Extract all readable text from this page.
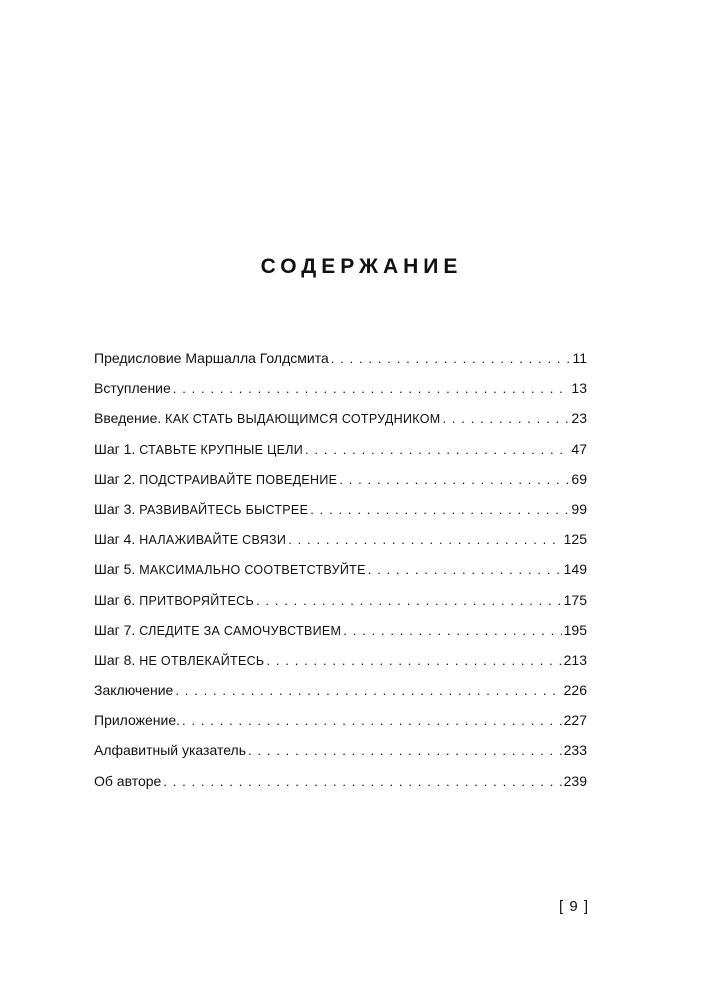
СОДЕРЖАНИЕ
Предисловие Маршалла Голдсмита . . .	11
Вступление . . .	13
Введение. КАК СТАТЬ ВЫДАЮЩИМСЯ СОТРУДНИКОМ . . .	23
Шаг 1. СТАВЬТЕ КРУПНЫЕ ЦЕЛИ . . .	47
Шаг 2. ПОДСТРАИВАЙТЕ ПОВЕДЕНИЕ . . .	69
Шаг 3. РАЗВИВАЙТЕСЬ БЫСТРЕЕ . . .	99
Шаг 4. НАЛАЖИВАЙТЕ СВЯЗИ . . .	125
Шаг 5. МАКСИМАЛЬНО СООТВЕТСТВУЙТЕ . . .	149
Шаг 6. ПРИТВОРЯЙТЕСЬ . . .	175
Шаг 7. СЛЕДИТЕ ЗА САМОЧУВСТВИЕМ . . .	195
Шаг 8. НЕ ОТВЛЕКАЙТЕСЬ . . .	213
Заключение . . .	226
Приложение. . . .	227
Алфавитный указатель . . .	233
Об авторе . . .	239

[ 9 ]
